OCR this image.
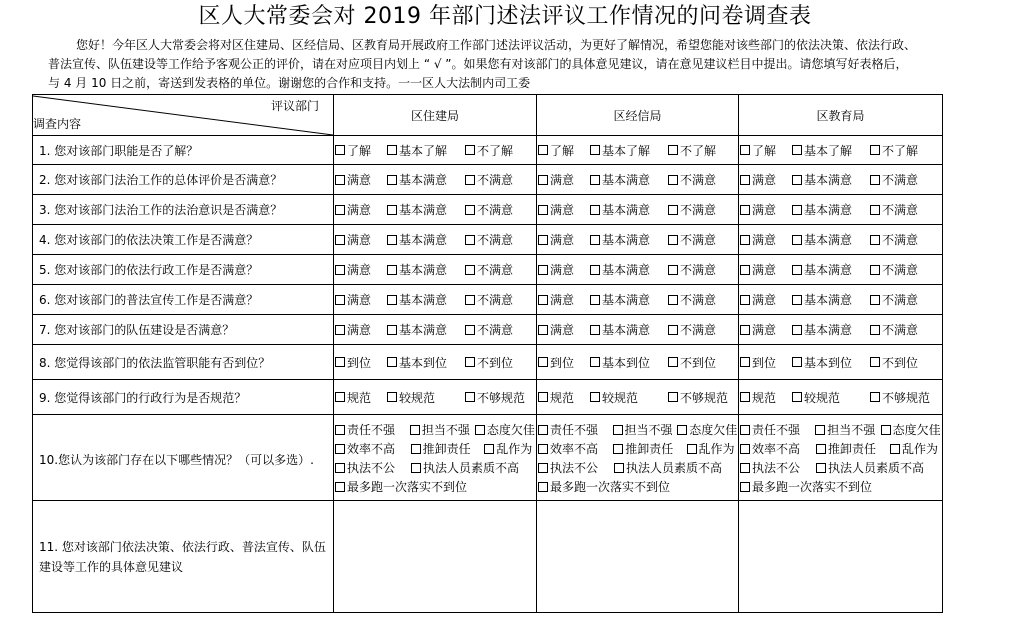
区人大常委会对 2019 年部门述法评议工作情况的问卷调查表
您好！今年区人大常委会将对区住建局、区经信局、区教育局开展政府工作部门述法评议活动，为更好了解情况，希望您能对该些部门的依法决策、依法行政、
普法宣传、队伍建设等工作给予客观公正的评价，请在对应项目内划上 “ √ ”。如果您有对该部门的具体意见建议，请在意见建议栏目中提出。请您填写好表格后，
与 4 月 10 日之前，寄送到发表格的单位。谢谢您的合作和支持。一一区人大法制内司工委
评议部门
调查内容	区住建局	区经信局	区教育局
1. 您对该部门职能是否了解？	了解 基本了解 不了解	了解 基本了解 不了解	了解 基本了解 不了解

2. 您对该部门法治工作的总体评价是否满意？	满意 基本满意 不满意	满意 基本满意 不满意	满意 基本满意 不满意

3. 您对该部门法治工作的法治意识是否满意？	满意 基本满意 不满意	满意 基本满意 不满意	满意 基本满意 不满意

4. 您对该部门的依法决策工作是否满意？	满意 基本满意 不满意	满意 基本满意 不满意	满意 基本满意 不满意

5. 您对该部门的依法行政工作是否满意？	满意 基本满意 不满意	满意 基本满意 不满意	满意 基本满意 不满意

6. 您对该部门的普法宣传工作是否满意？	满意 基本满意 不满意	满意 基本满意 不满意	满意 基本满意 不满意

7. 您对该部门的队伍建设是否满意？	满意 基本满意 不满意	满意 基本满意 不满意	满意 基本满意 不满意

8. 您觉得该部门的依法监管职能有否到位？	到位 基本到位 不到位	到位 基本到位 不到位	到位 基本到位 不到位

9. 您觉得该部门的行政行为是否规范？	规范 较规范 不够规范	规范 较规范 不够规范	规范 较规范 不够规范

10.您认为该部门存在以下哪些情况？（可以多选）.	
责任不强 担当不强 态度欠佳
效率不高 推卸责任 乱作为
执法不公 执法人员素质不高
最多跑一次落实不到位

责任不强 担当不强 态度欠佳
效率不高 推卸责任 乱作为
执法不公 执法人员素质不高
最多跑一次落实不到位

责任不强 担当不强 态度欠佳
效率不高 推卸责任 乱作为
执法不公 执法人员素质不高
最多跑一次落实不到位

11. 您对该部门依法决策、依法行政、普法宣传、队伍建设等工作的具体意见建议			
